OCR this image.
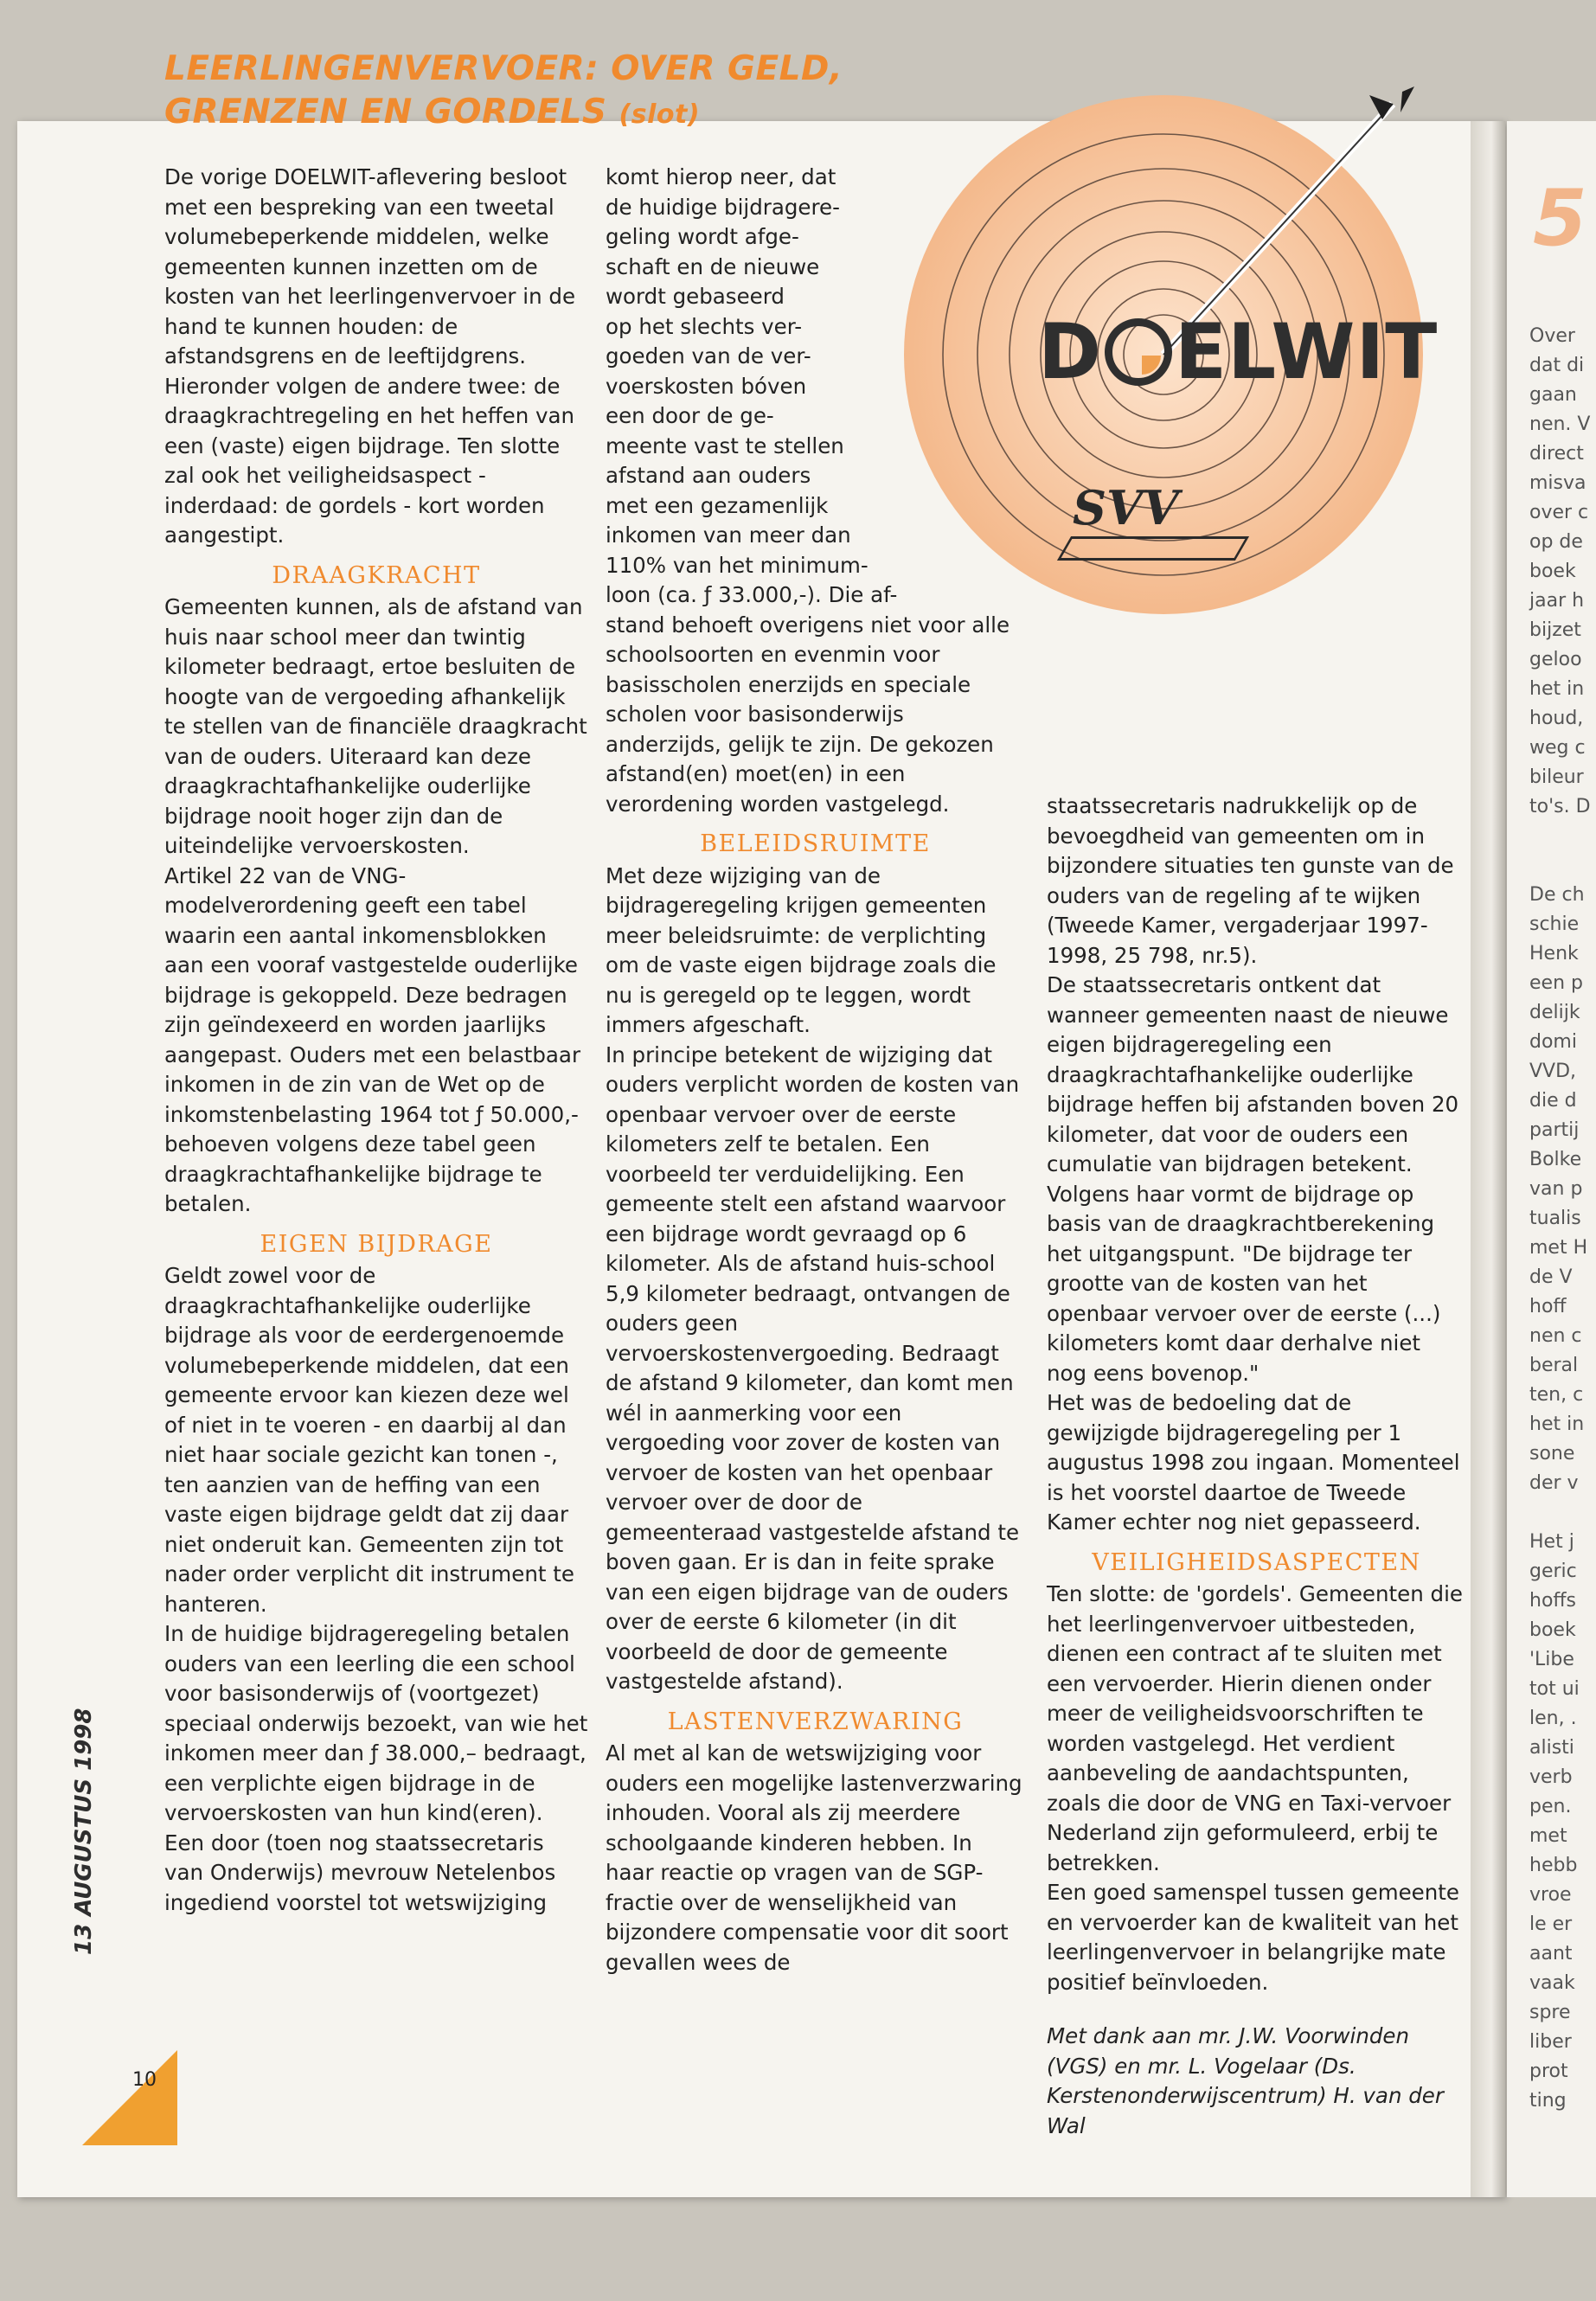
5
Over
dat di
gaan
nen. V
direct
misva
over c
op de
boek
jaar h
bijzet
geloo
het in
houd,
weg c
bileur
to's. D

De ch
schie
Henk
een p
delijk
domi
VVD,
die d
partij
Bolke
van p
tualis
met H
de V
hoff
nen c
beral
ten, c
het in
sone
der v

Het j
geric
hoffs
boek
'Libe
tot ui
len, .
alisti
verb
pen.
met
hebb
vroe
le er
aant
vaak
spre
liber
prot
ting
LEERLINGENVERVOER: OVER GELD,
GRENZEN EN GORDELS (slot)
D ELWIT
SVV

De vorige DOELWIT-aflevering besloot met een bespreking van een tweetal volumebeperkende middelen, welke gemeenten kunnen inzetten om de kosten van het leerlingenvervoer in de hand te kunnen houden: de afstandsgrens en de leeftijdgrens. Hieronder volgen de andere twee: de draagkrachtregeling en het heffen van een (vaste) eigen bijdrage. Ten slotte zal ook het veiligheidsaspect - inderdaad: de gordels - kort worden aangestipt.

DRAAGKRACHT

Gemeenten kunnen, als de afstand van huis naar school meer dan twintig kilometer bedraagt, ertoe besluiten de hoogte van de vergoeding afhankelijk te stellen van de financiële draagkracht van de ouders. Uiteraard kan deze draagkrachtafhankelijke ouderlijke bijdrage nooit hoger zijn dan de uiteindelijke vervoerskosten.

Artikel 22 van de VNG-modelverordening geeft een tabel waarin een aantal inkomensblokken aan een vooraf vastgestelde ouderlijke bijdrage is gekoppeld. Deze bedragen zijn geïndexeerd en worden jaarlijks aangepast. Ouders met een belastbaar inkomen in de zin van de Wet op de inkomstenbelasting 1964 tot ƒ 50.000,- behoeven volgens deze tabel geen draagkrachtafhankelijke bijdrage te betalen.

EIGEN BIJDRAGE

Geldt zowel voor de draagkrachtafhankelijke ouderlijke bijdrage als voor de eerdergenoemde volumebeperkende middelen, dat een gemeente ervoor kan kiezen deze wel of niet in te voeren - en daarbij al dan niet haar sociale gezicht kan tonen -, ten aanzien van de heffing van een vaste eigen bijdrage geldt dat zij daar niet onderuit kan. Gemeenten zijn tot nader order verplicht dit instrument te hanteren.

In de huidige bijdrageregeling betalen ouders van een leerling die een school voor basisonderwijs of (voortgezet) speciaal onderwijs bezoekt, van wie het inkomen meer dan ƒ 38.000,– bedraagt, een verplichte eigen bijdrage in de vervoerskosten van hun kind(eren). Een door (toen nog staatssecretaris van Onderwijs) mevrouw Netelenbos ingediend voorstel tot wetswijziging

komt hierop neer, dat
de huidige bijdragere-
geling wordt afge-
schaft en de nieuwe
wordt gebaseerd
op het slechts ver-
goeden van de ver-
voerskosten bóven
een door de ge-
meente vast te stellen
afstand aan ouders
met een gezamenlijk
inkomen van meer dan
110% van het minimum-
loon (ca. ƒ 33.000,-). Die af-

stand behoeft overigens niet voor alle schoolsoorten en evenmin voor basisscholen enerzijds en speciale scholen voor basisonderwijs anderzijds, gelijk te zijn. De gekozen afstand(en) moet(en) in een verordening worden vastgelegd.

BELEIDSRUIMTE

Met deze wijziging van de bijdrageregeling krijgen gemeenten meer beleidsruimte: de verplichting om de vaste eigen bijdrage zoals die nu is geregeld op te leggen, wordt immers afgeschaft.

In principe betekent de wijziging dat ouders verplicht worden de kosten van openbaar vervoer over de eerste kilometers zelf te betalen. Een voorbeeld ter verduidelijking. Een gemeente stelt een afstand waarvoor een bijdrage wordt gevraagd op 6 kilometer. Als de afstand huis-school 5,9 kilometer bedraagt, ontvangen de ouders geen vervoerskostenvergoeding. Bedraagt de afstand 9 kilometer, dan komt men wél in aanmerking voor een vergoeding voor zover de kosten van vervoer de kosten van het openbaar vervoer over de door de gemeenteraad vastgestelde afstand te boven gaan. Er is dan in feite sprake van een eigen bijdrage van de ouders over de eerste 6 kilometer (in dit voorbeeld de door de gemeente vastgestelde afstand).

LASTENVERZWARING

Al met al kan de wetswijziging voor ouders een mogelijke lastenverzwaring inhouden. Vooral als zij meerdere schoolgaande kinderen hebben. In haar reactie op vragen van de SGP-fractie over de wenselijkheid van bijzondere compensatie voor dit soort gevallen wees de

staatssecretaris nadrukkelijk op de bevoegdheid van gemeenten om in bijzondere situaties ten gunste van de ouders van de regeling af te wijken (Tweede Kamer, vergaderjaar 1997-1998, 25 798, nr.5).

De staatssecretaris ontkent dat wanneer gemeenten naast de nieuwe eigen bijdrageregeling een draagkrachtafhankelijke ouderlijke bijdrage heffen bij afstanden boven 20 kilometer, dat voor de ouders een cumulatie van bijdragen betekent. Volgens haar vormt de bijdrage op basis van de draagkrachtberekening het uitgangspunt. "De bijdrage ter grootte van de kosten van het openbaar vervoer over de eerste (...) kilometers komt daar derhalve niet nog eens bovenop."

Het was de bedoeling dat de gewijzigde bijdrageregeling per 1 augustus 1998 zou ingaan. Momenteel is het voorstel daartoe de Tweede Kamer echter nog niet gepasseerd.

VEILIGHEIDSASPECTEN

Ten slotte: de 'gordels'. Gemeenten die het leerlingenvervoer uitbesteden, dienen een contract af te sluiten met een vervoerder. Hierin dienen onder meer de veiligheidsvoorschriften te worden vastgelegd. Het verdient aanbeveling de aandachtspunten, zoals die door de VNG en Taxi-vervoer Nederland zijn geformuleerd, erbij te betrekken.

Een goed samenspel tussen gemeente en vervoerder kan de kwaliteit van het leerlingenvervoer in belangrijke mate positief beïnvloeden.

Met dank aan mr. J.W. Voorwinden (VGS) en mr. L. Vogelaar (Ds. Kerstenonderwijscentrum) H. van der Wal

13 AUGUSTUS 1998
10
